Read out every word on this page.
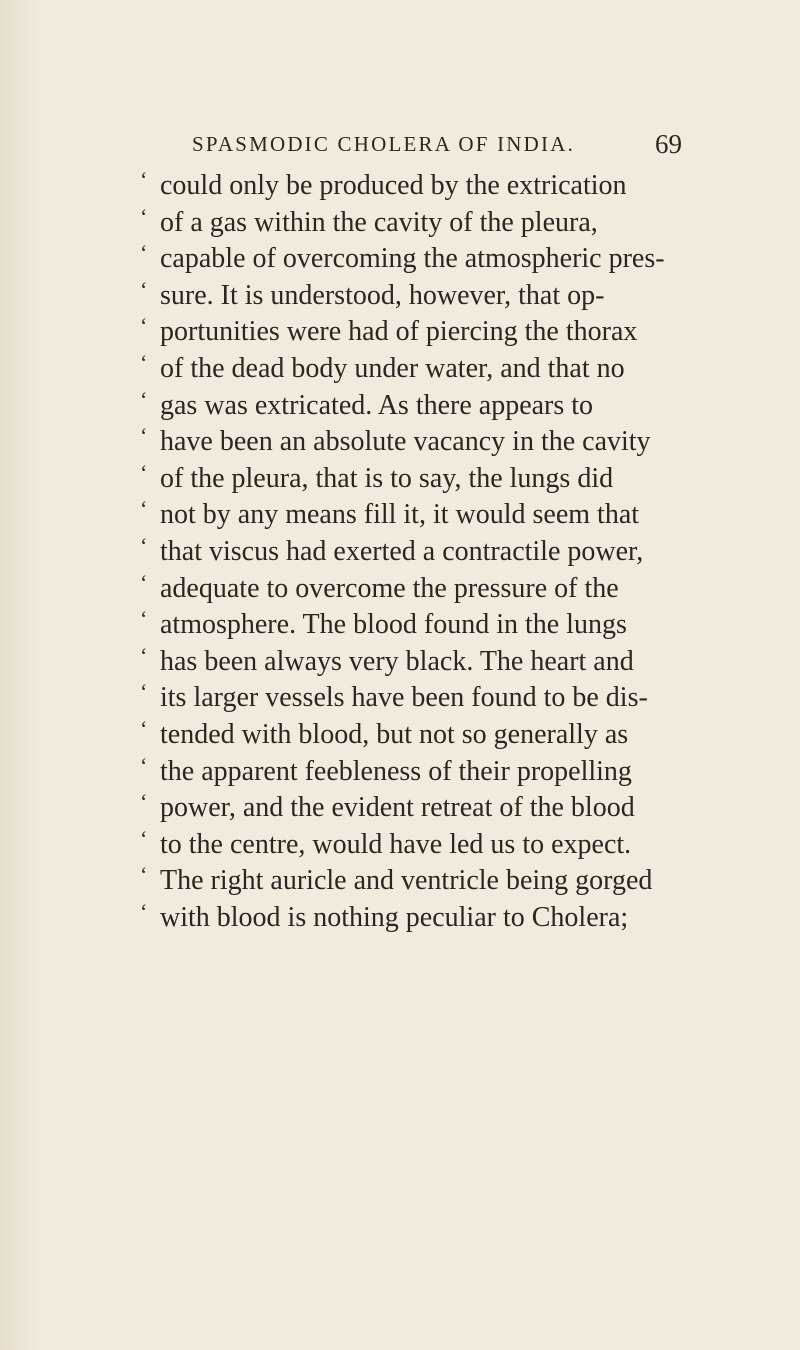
SPASMODIC CHOLERA OF INDIA.	69
‘ could only be produced by the extrication
‘ of a gas within the cavity of the pleura,
‘ capable of overcoming the atmospheric pres-
‘ sure. It is understood, however, that op-
‘ portunities were had of piercing the thorax
‘ of the dead body under water, and that no
‘ gas was extricated. As there appears to
‘ have been an absolute vacancy in the cavity
‘ of the pleura, that is to say, the lungs did
‘ not by any means fill it, it would seem that
‘ that viscus had exerted a contractile power,
‘ adequate to overcome the pressure of the
‘ atmosphere. The blood found in the lungs
‘ has been always very black. The heart and
‘ its larger vessels have been found to be dis-
‘ tended with blood, but not so generally as
‘ the apparent feebleness of their propelling
‘ power, and the evident retreat of the blood
‘ to the centre, would have led us to expect.
‘ The right auricle and ventricle being gorged
‘ with blood is nothing peculiar to Cholera;
